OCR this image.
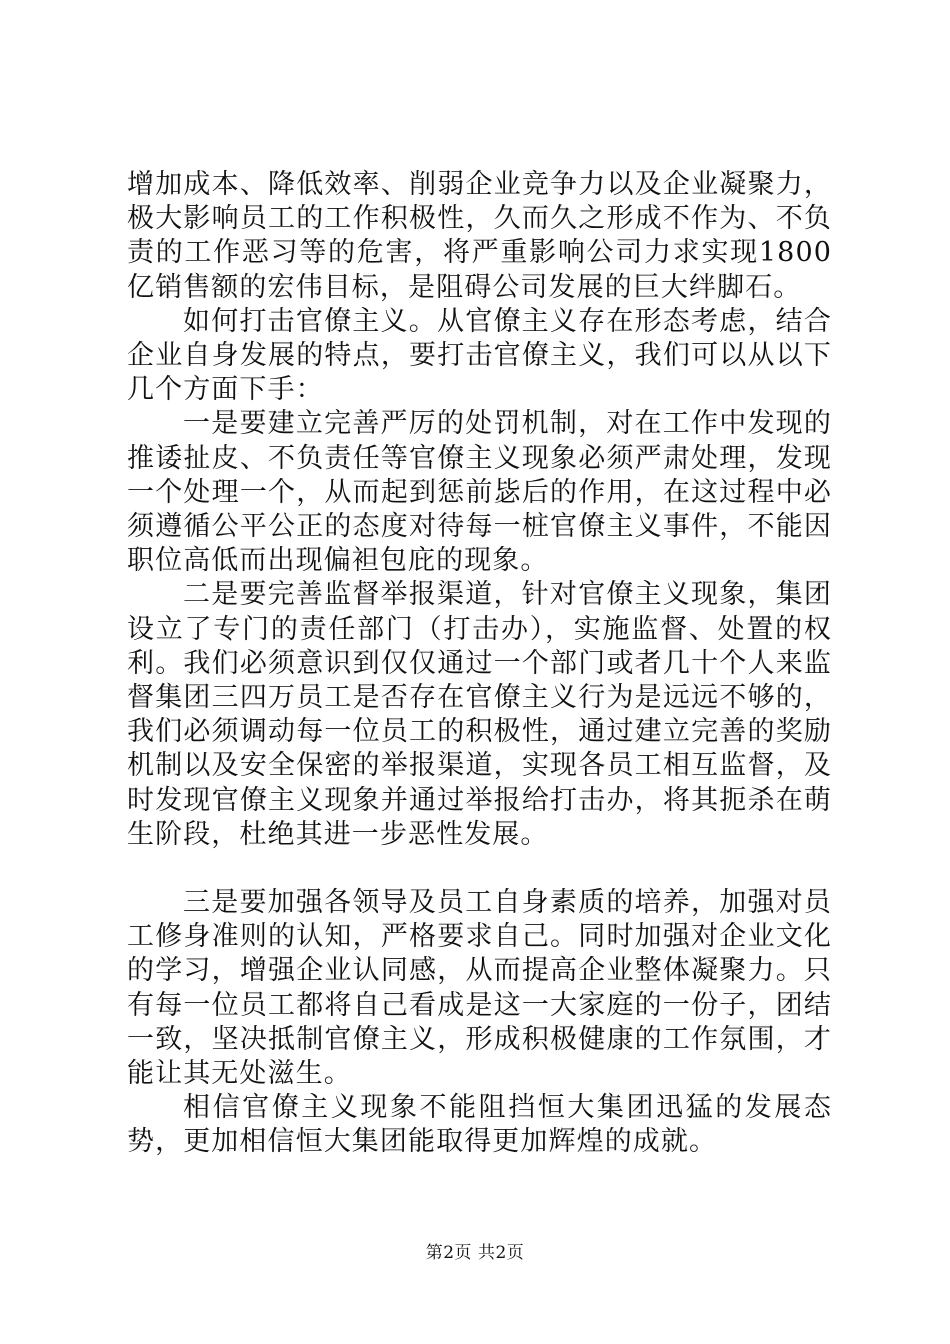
增加成本、降低效率、削弱企业竞争力以及企业凝聚力，极大影响员工的工作积极性，久而久之形成不作为、不负责的工作恶习等的危害，将严重影响公司力求实现1800亿销售额的宏伟目标，是阻碍公司发展的巨大绊脚石。

如何打击官僚主义。从官僚主义存在形态考虑，结合企业自身发展的特点，要打击官僚主义，我们可以从以下几个方面下手：

一是要建立完善严厉的处罚机制，对在工作中发现的推诿扯皮、不负责任等官僚主义现象必须严肃处理，发现一个处理一个，从而起到惩前毖后的作用，在这过程中必须遵循公平公正的态度对待每一桩官僚主义事件，不能因职位高低而出现偏袒包庇的现象。

二是要完善监督举报渠道，针对官僚主义现象，集团设立了专门的责任部门（打击办），实施监督、处置的权利。我们必须意识到仅仅通过一个部门或者几十个人来监督集团三四万员工是否存在官僚主义行为是远远不够的，我们必须调动每一位员工的积极性，通过建立完善的奖励机制以及安全保密的举报渠道，实现各员工相互监督，及时发现官僚主义现象并通过举报给打击办，将其扼杀在萌生阶段，杜绝其进一步恶性发展。

三是要加强各领导及员工自身素质的培养，加强对员工修身准则的认知，严格要求自己。同时加强对企业文化的学习，增强企业认同感，从而提高企业整体凝聚力。只有每一位员工都将自己看成是这一大家庭的一份子，团结一致，坚决抵制官僚主义，形成积极健康的工作氛围，才能让其无处滋生。

相信官僚主义现象不能阻挡恒大集团迅猛的发展态势，更加相信恒大集团能取得更加辉煌的成就。

第2页 共2页
